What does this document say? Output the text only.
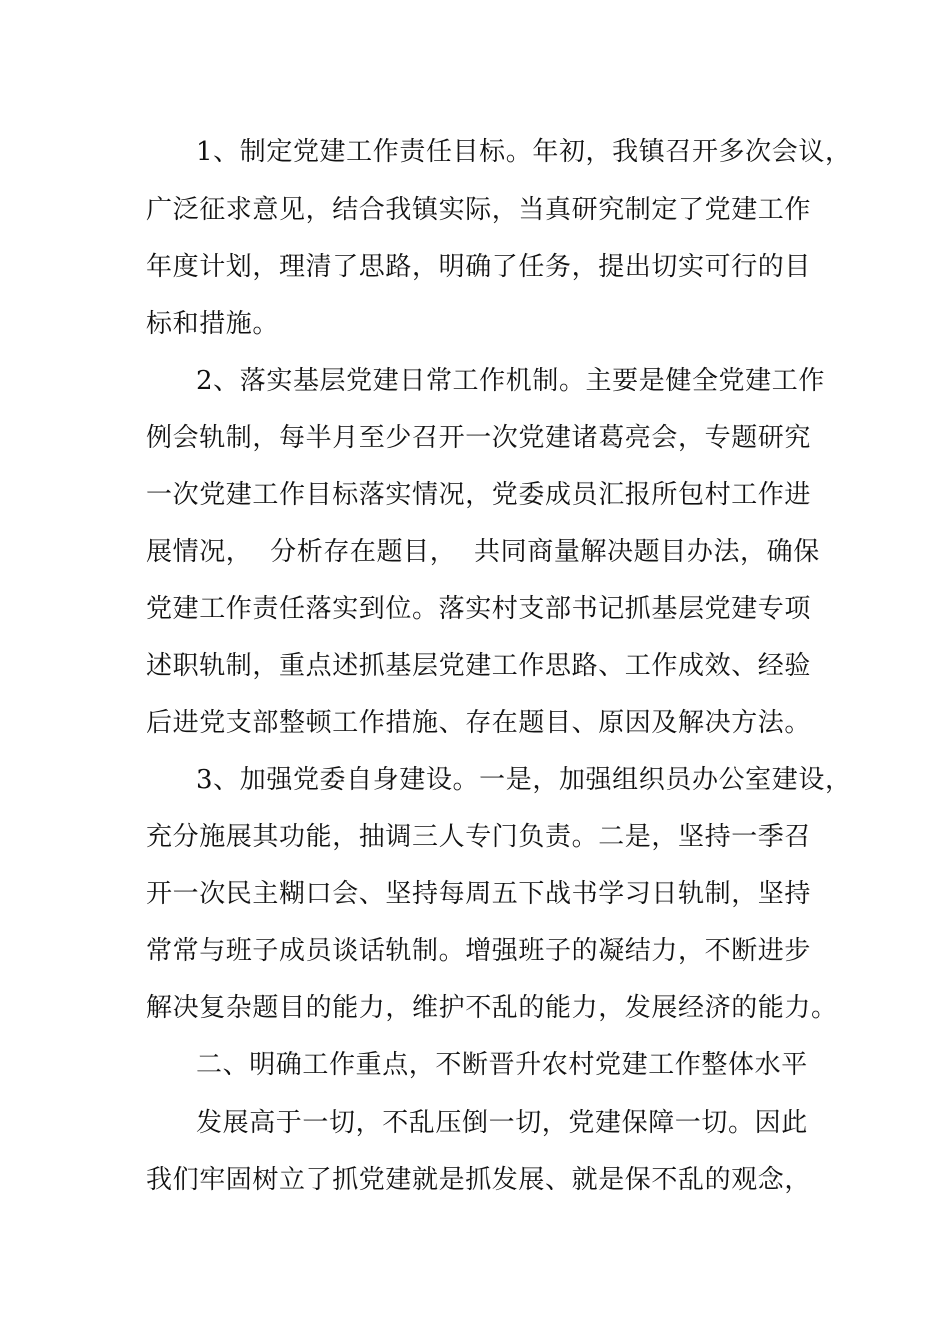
1、制定党建工作责任目标。年初，我镇召开多次会议，
广泛征求意见，结合我镇实际，当真研究制定了党建工作
年度计划，理清了思路，明确了任务，提出切实可行的目
标和措施。
2、落实基层党建日常工作机制。主要是健全党建工作
例会轨制，每半月至少召开一次党建诸葛亮会，专题研究
一次党建工作目标落实情况，党委成员汇报所包村工作进
展情况，  分析存在题目，  共同商量解决题目办法，确保
党建工作责任落实到位。落实村支部书记抓基层党建专项
述职轨制，重点述抓基层党建工作思路、工作成效、经验
后进党支部整顿工作措施、存在题目、原因及解决方法。
3、加强党委自身建设。一是，加强组织员办公室建设，
充分施展其功能，抽调三人专门负责。二是，坚持一季召
开一次民主糊口会、坚持每周五下战书学习日轨制，坚持
常常与班子成员谈话轨制。增强班子的凝结力，不断进步
解决复杂题目的能力，维护不乱的能力，发展经济的能力。
二、明确工作重点，不断晋升农村党建工作整体水平
发展高于一切，不乱压倒一切，党建保障一切。因此
我们牢固树立了抓党建就是抓发展、就是保不乱的观念，
